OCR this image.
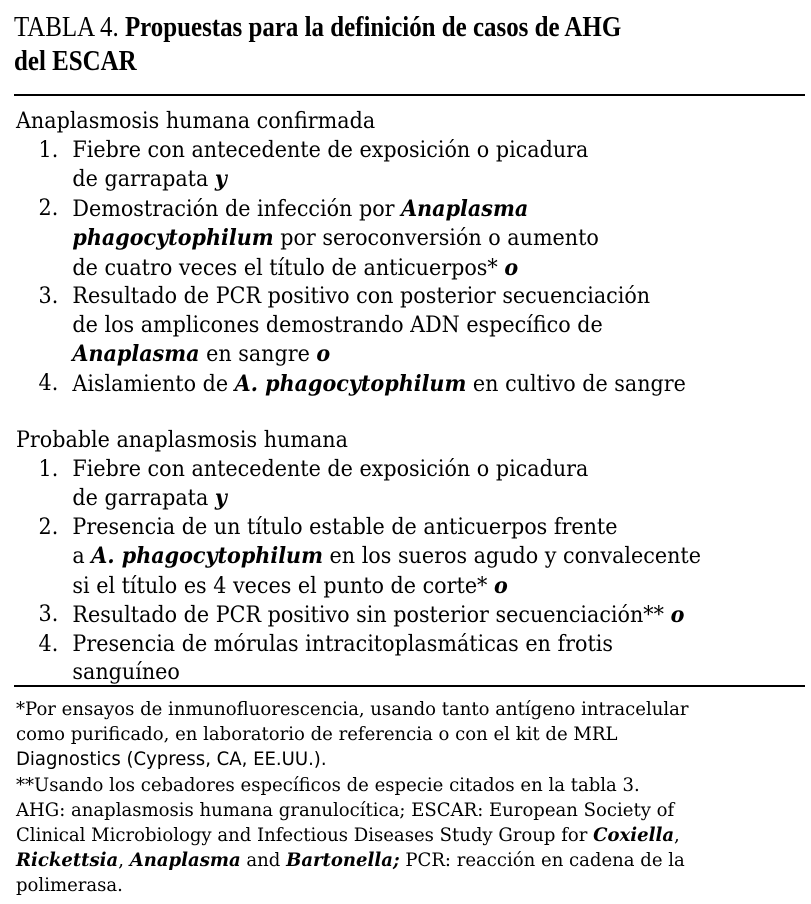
TABLA 4. Propuestas para la definición de casos de AHG
del ESCAR
Anaplasmosis humana confirmada
1. Fiebre con antecedente de exposición o picadura
de garrapata y
2. Demostración de infección por Anaplasma
phagocytophilum por seroconversión o aumento
de cuatro veces el título de anticuerpos* o
3. Resultado de PCR positivo con posterior secuenciación
de los amplicones demostrando ADN específico de
Anaplasma en sangre o
4. Aislamiento de A. phagocytophilum en cultivo de sangre
Probable anaplasmosis humana
1. Fiebre con antecedente de exposición o picadura
de garrapata y
2. Presencia de un título estable de anticuerpos frente
a A. phagocytophilum en los sueros agudo y convalecente
si el título es 4 veces el punto de corte* o
3. Resultado de PCR positivo sin posterior secuenciación** o
4. Presencia de mórulas intracitoplasmáticas en frotis
sanguíneo
*Por ensayos de inmunofluorescencia, usando tanto antígeno intracelular
como purificado, en laboratorio de referencia o con el kit de MRL
Diagnostics (Cypress, CA, EE.UU.).
**Usando los cebadores específicos de especie citados en la tabla 3.
AHG: anaplasmosis humana granulocítica; ESCAR: European Society of
Clinical Microbiology and Infectious Diseases Study Group for Coxiella,
Rickettsia, Anaplasma and Bartonella; PCR: reacción en cadena de la
polimerasa.
